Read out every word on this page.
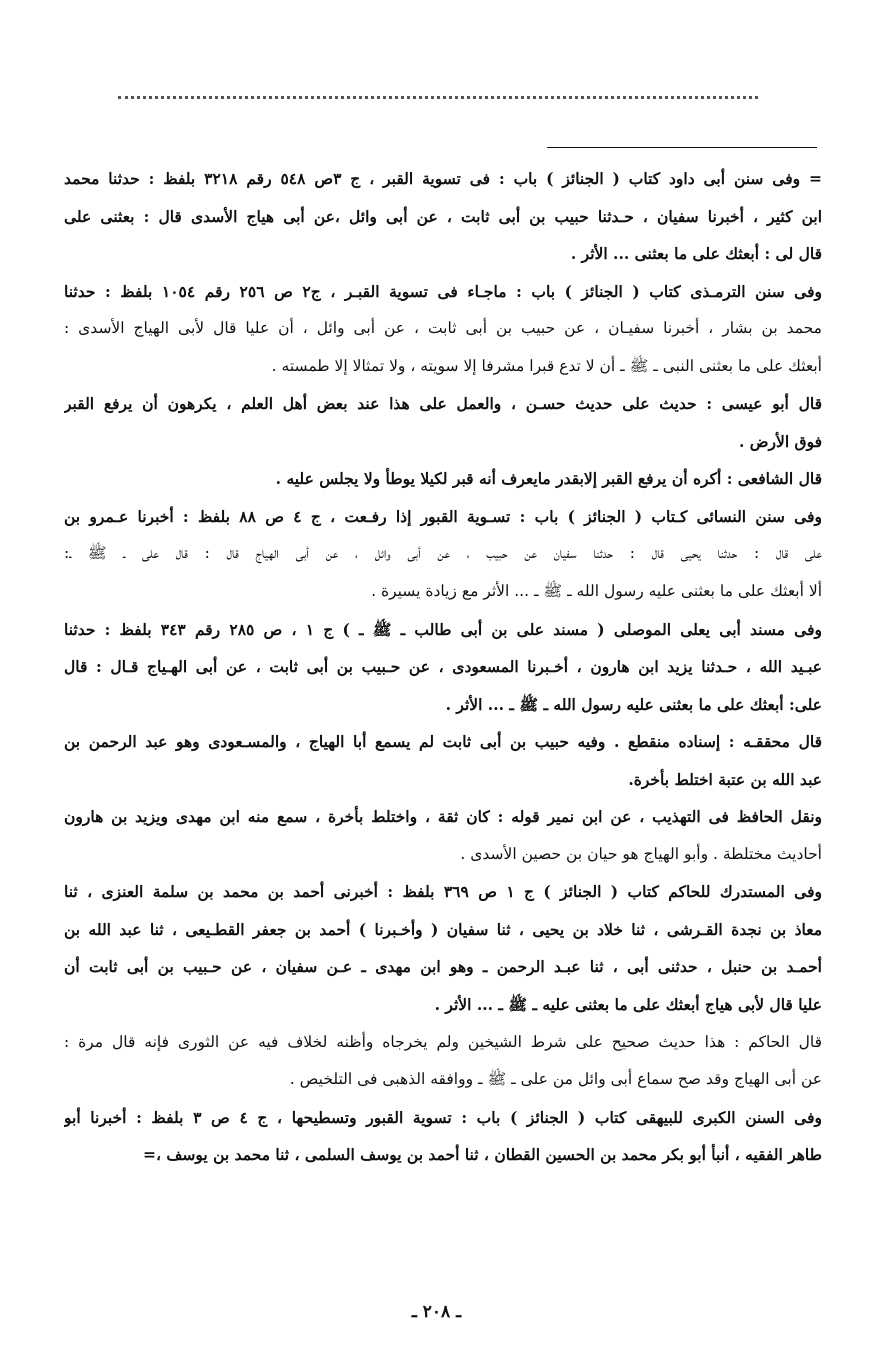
= وفى سنن أبى داود كتاب ( الجنائز ) باب : فى تسوية القبر ، ج ٣ص ٥٤٨ رقم ٣٢١٨ بلفظ : حدثنا محمد
ابن كثير ، أخبرنا سفيان ، حـدثنا حبيب بن أبى ثابت ، عن أبى وائل ،عن أبى هياج الأسدى قال : بعثنى على
قال لى : أبعثك على ما بعثنى ... الأثر .
وفى سنن الترمـذى كتاب ( الجنائز ) باب : ماجـاء فى تسوية القبـر ، ج٢ ص ٢٥٦ رقم ١٠٥٤ بلفظ : حدثنا
محمد بن بشار ، أخبرنا سفيـان ، عن حبيب بن أبى ثابت ، عن أبى وائل ، أن عليا قال لأبى الهياج الأسدى :
أبعثك على ما بعثنى النبى ـ ﷺ ـ أن لا تدع قبرا مشرفا إلا سويته ، ولا تمثالا إلا طمسته .
قال أبو عيسى : حديث على حديث حسـن ، والعمل على هذا عند بعض أهل العلم ، يكرهون أن يرفع القبر
فوق الأرض .
قال الشافعى : أكره أن يرفع القبر إلابقدر مايعرف أنه قبر لكيلا يوطأ ولا يجلس عليه .
وفى سنن النسائى كـتاب ( الجنائز ) باب : تسـوية القبور إذا رفـعت ، ج ٤ ص ٨٨ بلفظ : أخبرنا عـمرو بن
على قال : حدثنا يحيى قال : حدثنا سفيان عن حبيب ، عن أبى وائل ، عن أبى الهياج قال : قال على ـ ﷺ ـ:
ألا أبعثك على ما بعثنى عليه رسول الله ـ ﷺ ـ ... الأثر مع زيادة يسيرة .
وفى مسند أبى يعلى الموصلى ( مسند على بن أبى طالب ـ ﷺ ـ ) ج ١ ، ص ٢٨٥ رقم ٣٤٣ بلفظ : حدثنا
عبـيد الله ، حـدثنا يزيد ابن هارون ، أخـبرنا المسعودى ، عن حـبيب بن أبى ثابت ، عن أبى الهـياج قـال : قال
على: أبعثك على ما بعثنى عليه رسول الله ـ ﷺ ـ ... الأثر .
قال محققـه : إسناده منقطع . وفيه حبيب بن أبى ثابت لم يسمع أبا الهياج ، والمسـعودى وهو عبد الرحمن بن
عبد الله بن عتبة اختلط بأخرة.
ونقل الحافظ فى التهذيب ، عن ابن نمير قوله : كان ثقة ، واختلط بأخرة ، سمع منه ابن مهدى ويزيد بن هارون
أحاديث مختلطة . وأبو الهياج هو حيان بن حصين الأسدى .
وفى المستدرك للحاكم كتاب ( الجنائز ) ج ١ ص ٣٦٩ بلفظ : أخبرنى أحمد بن محمد بن سلمة العنزى ، ثنا
معاذ بن نجدة القـرشى ، ثنا خلاد بن يحيى ، ثنا سفيان ( وأخـبرنا ) أحمد بن جعفر القطـيعى ، ثنا عبد الله بن
أحمـد بن حنبل ، حدثنى أبى ، ثنا عبـد الرحمن ـ وهو ابن مهدى ـ عـن سفيان ، عن حـبيب بن أبى ثابت أن
عليا قال لأبى هياج أبعثك على ما بعثنى عليه ـ ﷺ ـ ... الأثر .
قال الحاكم : هذا حديث صحيح على شرط الشيخين ولم يخرجاه وأظنه لخلاف فيه عن الثورى فإنه قال مرة :
عن أبى الهياج وقد صح سماع أبى وائل من على ـ ﷺ ـ ووافقه الذهبى فى التلخيص .
وفى السنن الكبرى للبيهقى كتاب ( الجنائز ) باب : تسوية القبور وتسطيحها ، ج ٤ ص ٣ بلفظ : أخبرنا أبو
طاهر الفقيه ، أنبأ أبو بكر محمد بن الحسين القطان ، ثنا أحمد بن يوسف السلمى ، ثنا محمد بن يوسف ،=
ـ ٢٠٨ ـ
